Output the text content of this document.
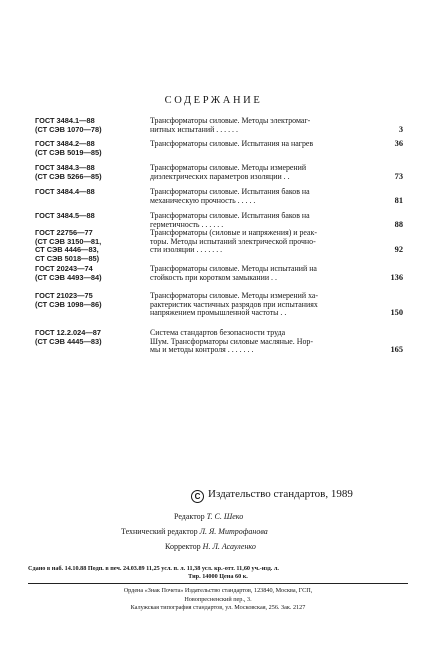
СОДЕРЖАНИЕ
ГОСТ 3484.1—88
(СТ СЭВ 1070—78)
Трансформаторы силовые. Методы электромаг-
нитных испытаний . . . . . .	3
ГОСТ 3484.2—88
(СТ СЭВ 5019—85)
Трансформаторы силовые. Испытания на нагрев	36
ГОСТ 3484.3—88
(СТ СЭВ 5266—85)
Трансформаторы силовые. Методы измерений
диэлектрических параметров изоляции . .	73
ГОСТ 3484.4—88	Трансформаторы силовые. Испытания баков на
механическую прочность . . . . .	81
ГОСТ 3484.5—88	Трансформаторы силовые. Испытания баков на
герметичность . . . . . .	88
ГОСТ 22756—77
(СТ СЭВ 3150—81,
СТ СЭВ 4446—83,
СТ СЭВ 5018—85)
Трансформаторы (силовые и напряжения) и реак-
торы. Методы испытаний электрической прочно-
сти изоляции . . . . . . .	92
ГОСТ 20243—74
(СТ СЭВ 4493—84)
Трансформаторы силовые. Методы испытаний на
стойкость при коротком замыкании . .	136
ГОСТ 21023—75
(СТ СЭВ 1098—86)
Трансформаторы силовые. Методы измерений ха-
рактеристик частичных разрядов при испытаниях
напряжением промышленной частоты . .	150
ГОСТ 12.2.024—87
(СТ СЭВ 4445—83)
Система стандартов безопасности труда
Шум. Трансформаторы силовые масляные. Нор-
мы и методы контроля . . . . . . .	165
C Издательство стандартов, 1989
Редактор Т. С. Шеко
Технический редактор Л. Я. Митрофанова
Корректор Н. Л. Асауленко
Сдано в наб. 14.10.88 Подп. в печ. 24.03.89 11,25 усл. п. л. 11,38 усл. кр.-отт. 11,60 уч.-изд. л.
Тир. 14000 Цена 60 к.
Ордена «Знак Почета» Издательство стандартов, 123840, Москва, ГСП,
Новопресненский пер., 3.
Калужская типография стандартов, ул. Московская, 256. Зак. 2127
